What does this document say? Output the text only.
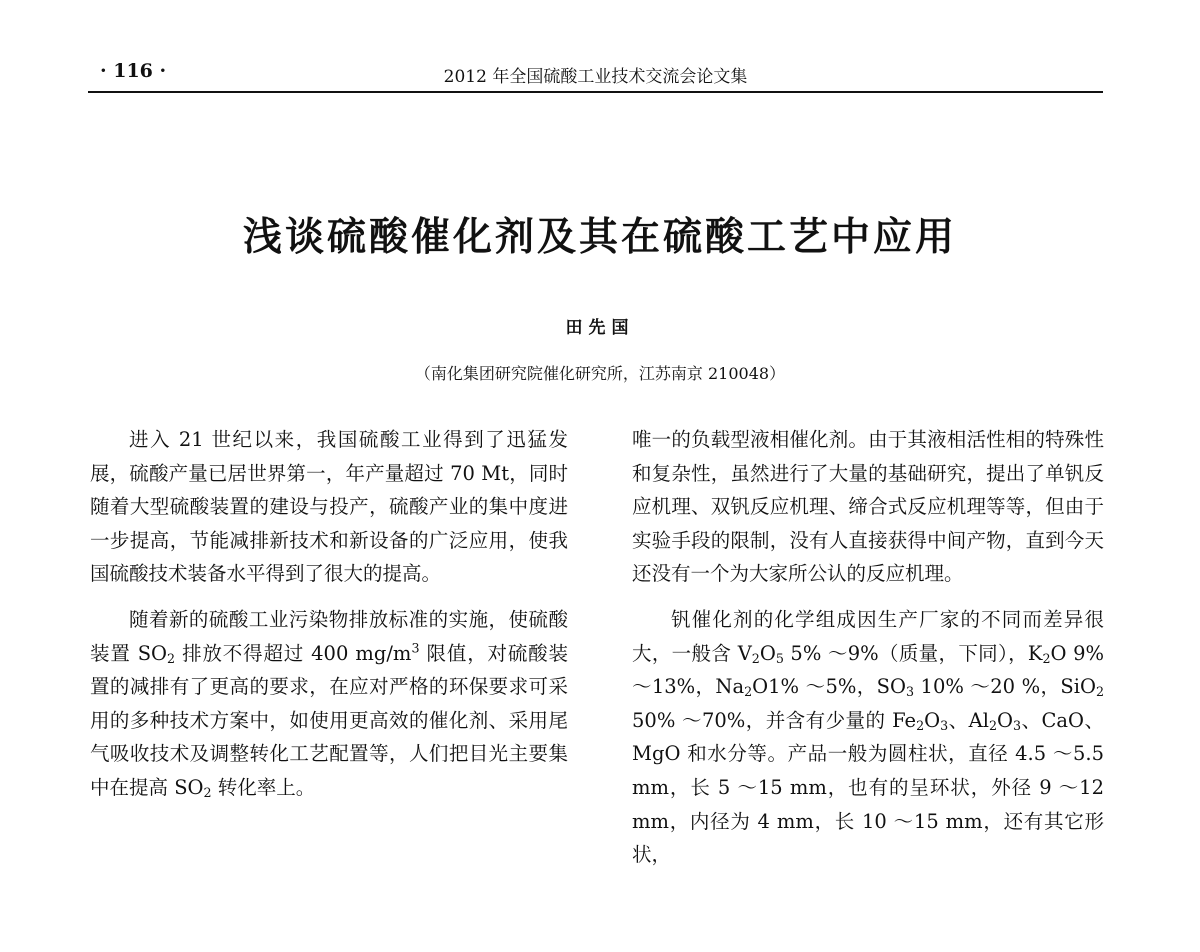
· 116 ·	2012 年全国硫酸工业技术交流会论文集
浅谈硫酸催化剂及其在硫酸工艺中应用
田先国
（南化集团研究院催化研究所，江苏南京 210048）

进入 21 世纪以来，我国硫酸工业得到了迅猛发展，硫酸产量已居世界第一，年产量超过 70 Mt，同时随着大型硫酸装置的建设与投产，硫酸产业的集中度进一步提高，节能减排新技术和新设备的广泛应用，使我国硫酸技术装备水平得到了很大的提高。

随着新的硫酸工业污染物排放标准的实施，使硫酸装置 $SO_2$ 排放不得超过 400 $mg/m^3$ 限值，对硫酸装置的减排有了更高的要求，在应对严格的环保要求可采用的多种技术方案中，如使用更高效的催化剂、采用尾气吸收技术及调整转化工艺配置等，人们把目光主要集中在提高 $SO_2$ 转化率上。

唯一的负载型液相催化剂。由于其液相活性相的特殊性和复杂性，虽然进行了大量的基础研究，提出了单钒反应机理、双钒反应机理、缔合式反应机理等等，但由于实验手段的限制，没有人直接获得中间产物，直到今天还没有一个为大家所公认的反应机理。

钒催化剂的化学组成因生产厂家的不同而差异很大，一般含 $V_2O_5$ 5% ～9%（质量，下同），$K_2O$ 9% ～13%，$Na_2O1\%$ ～5%，$SO_3$ 10% ～20 %，SiO$_2$ 50% ～70%，并含有少量的 $Fe_2O_3$、$Al_2O_3$、CaO、MgO 和水分等。产品一般为圆柱状，直径 4.5 ～5.5 mm，长 5 ～15 mm，也有的呈环状，外径 9 ～12 mm，内径为 4 mm，长 10 ～15 mm，还有其它形状，
